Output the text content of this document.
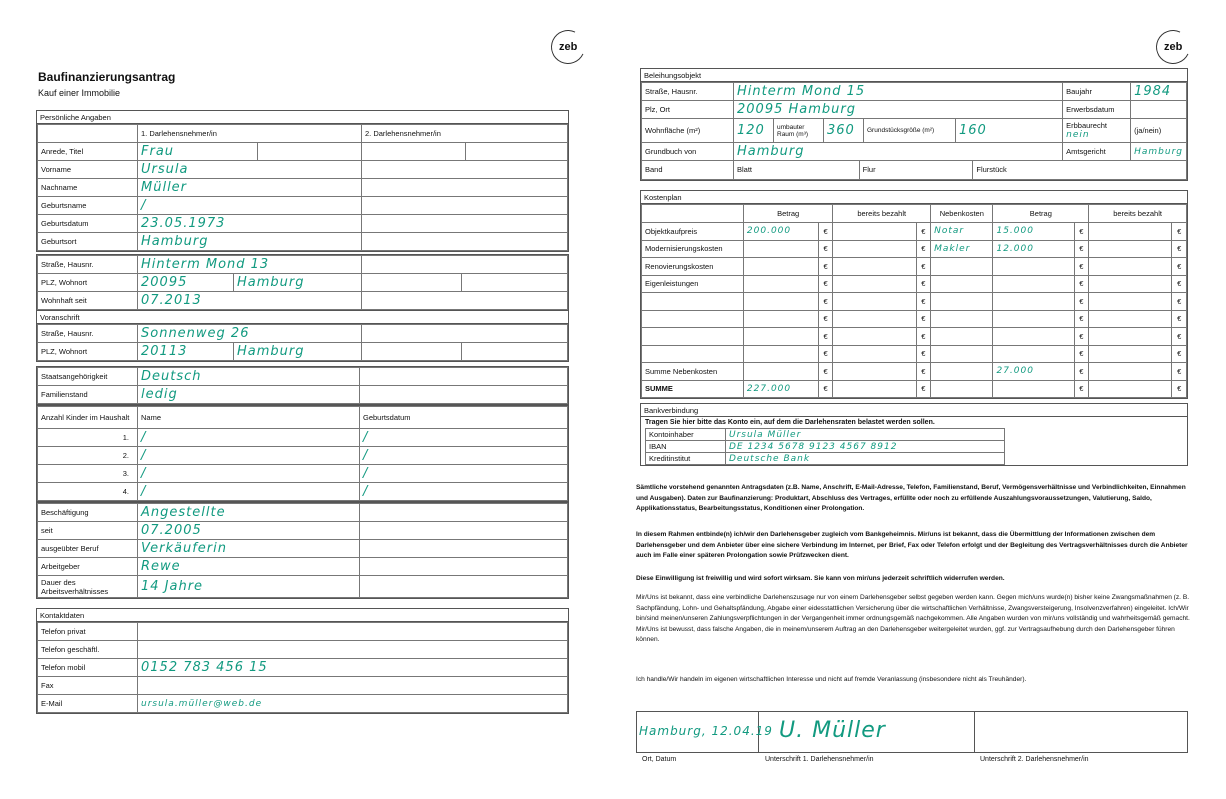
zeb
Baufinanzierungsantrag
Kauf einer Immobilie
Persönliche Angaben
	1. Darlehensnehmer/in		2. Darlehensnehmer/in	
Anrede, Titel	Frau			
Vorname	Ursula			
Nachname	Müller			
Geburtsname	/			
Geburtsdatum	23.05.1973			
Geburtsort	Hamburg			
Straße, Hausnr.	Hinterm Mond 13			
PLZ, Wohnort	20095	Hamburg		
Wohnhaft seit	07.2013			
Voranschrift
Straße, Hausnr.	Sonnenweg 26			
PLZ, Wohnort	20113	Hamburg		
Staatsangehörigkeit	Deutsch	
Familienstand	ledig	
Anzahl Kinder im Haushalt	Name	Geburtsdatum
1.	/	/
2.	/	/
3.	/	/
4.	/	/
Beschäftigung	Angestellte	
seit	07.2005	
ausgeübter Beruf	Verkäuferin	
Arbeitgeber	Rewe	
Dauer des Arbeitsverhältnisses	14 Jahre	
Kontaktdaten
Telefon privat	
Telefon geschäftl.	
Telefon mobil	0152 783 456 15
Fax	
E-Mail	ursula.müller@web.de
zeb
Beleihungsobjekt
Straße, Hausnr.	Hinterm Mond 15					Baujahr	1984
Plz, Ort	20095 Hamburg					Erwerbsdatum	
Wohnfläche (m²)	120	umbauter Raum (m³)	360	Grundstücksgröße (m²)	160	Erbbaurecht nein	(ja/nein)
Grundbuch von	Hamburg					Amtsgericht	Hamburg
Band	Blatt	Flur	Flurstück
Kostenplan
	Betrag		bereits bezahlt		Nebenkosten	Betrag		bereits bezahlt	
Objektkaufpreis	200.000	€		€	Notar	15.000	€		€
Modernisierungskosten		€		€	Makler	12.000	€		€
Renovierungskosten		€		€			€		€
Eigenleistungen		€		€			€		€
		€		€			€		€
		€		€			€		€
		€		€			€		€
		€		€			€		€
Summe Nebenkosten		€		€		27.000	€		€
SUMME	227.000	€		€			€		€
Bankverbindung
Tragen Sie hier bitte das Konto ein, auf dem die Darlehensraten belastet werden sollen.
Kontoinhaber	Ursula Müller
IBAN	DE 1234 5678 9123 4567 8912
Kreditinstitut	Deutsche Bank
Sämtliche vorstehend genannten Antragsdaten (z.B. Name, Anschrift, E-Mail-Adresse, Telefon, Familienstand, Beruf, Vermögensverhältnisse und Verbindlichkeiten, Einnahmen und Ausgaben). Daten zur Baufinanzierung: Produktart, Abschluss des Vertrages, erfüllte oder noch zu erfüllende Auszahlungsvoraussetzungen, Valutierung, Saldo, Applikationsstatus, Bearbeitungsstatus, Konditionen einer Prolongation.
In diesem Rahmen entbinde(n) ich/wir den Darlehensgeber zugleich vom Bankgeheimnis. Mir/uns ist bekannt, dass die Übermittlung der Informationen zwischen dem Darlehensgeber und dem Anbieter über eine sichere Verbindung im Internet, per Brief, Fax oder Telefon erfolgt und der Begleitung des Vertragsverhältnisses durch die Anbieter auch im Falle einer späteren Prolongation sowie Prüfzwecken dient.
Diese Einwilligung ist freiwillig und wird sofort wirksam. Sie kann von mir/uns jederzeit schriftlich widerrufen werden.
Mir/Uns ist bekannt, dass eine verbindliche Darlehenszusage nur von einem Darlehensgeber selbst gegeben werden kann. Gegen mich/uns wurde(n) bisher keine Zwangsmaßnahmen (z. B. Sachpfändung, Lohn- und Gehaltspfändung, Abgabe einer eidesstattlichen Versicherung über die wirtschaftlichen Verhältnisse, Zwangsversteigerung, Insolvenzverfahren) eingeleitet. Ich/Wir bin/sind meinen/unseren Zahlungsverpflichtungen in der Vergangenheit immer ordnungsgemäß nachgekommen. Alle Angaben wurden von mir/uns vollständig und wahrheitsgemäß gemacht. Mir/Uns ist bewusst, dass falsche Angaben, die in meinem/unserem Auftrag an den Darlehensgeber weitergeleitet wurden, ggf. zur Vertragsaufhebung durch den Darlehensgeber führen können.
Ich handle/Wir handeln im eigenen wirtschaftlichen Interesse und nicht auf fremde Veranlassung (insbesondere nicht als Treuhänder).
Hamburg, 12.04.19 U. Müller
Ort, Datum	Unterschrift 1. Darlehensnehmer/in	Unterschrift 2. Darlehensnehmer/in
